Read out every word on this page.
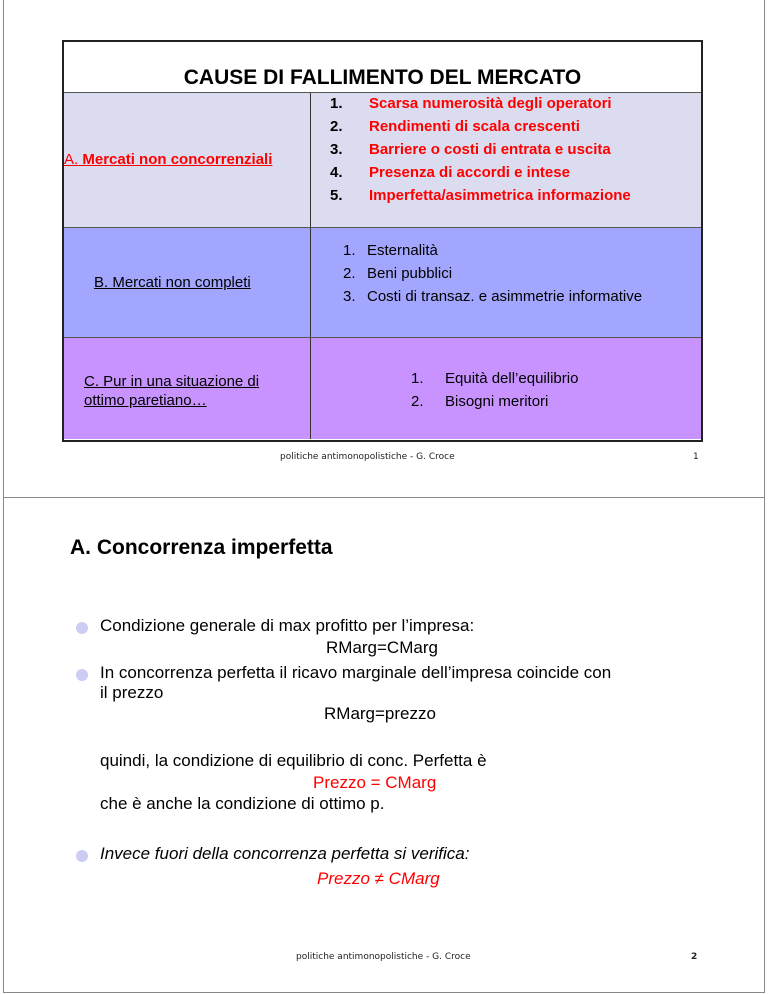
CAUSE DI FALLIMENTO DEL MERCATO
A. Mercati non concorrenziali
1. Scarsa numerosità degli operatori
2. Rendimenti di scala crescenti
3. Barriere o costi di entrata e uscita
4. Presenza di accordi e intese
5. Imperfetta/asimmetrica informazione
B. Mercati non completi
1. Esternalità
2. Beni pubblici
3. Costi di transaz. e asimmetrie informative
C. Pur in una situazione di
ottimo paretiano…
1. Equità dell’equilibrio
2. Bisogni meritori
politiche antimonopolistiche - G. Croce	1
A. Concorrenza imperfetta
Condizione generale di max profitto per l’impresa:
RMarg=CMarg
In concorrenza perfetta il ricavo marginale dell’impresa coincide con
il prezzo
RMarg=prezzo
quindi, la condizione di equilibrio di conc. Perfetta è
Prezzo = CMarg
che è anche la condizione di ottimo p.
Invece fuori della concorrenza perfetta si verifica:
Prezzo ≠ CMarg
politiche antimonopolistiche - G. Croce	2
